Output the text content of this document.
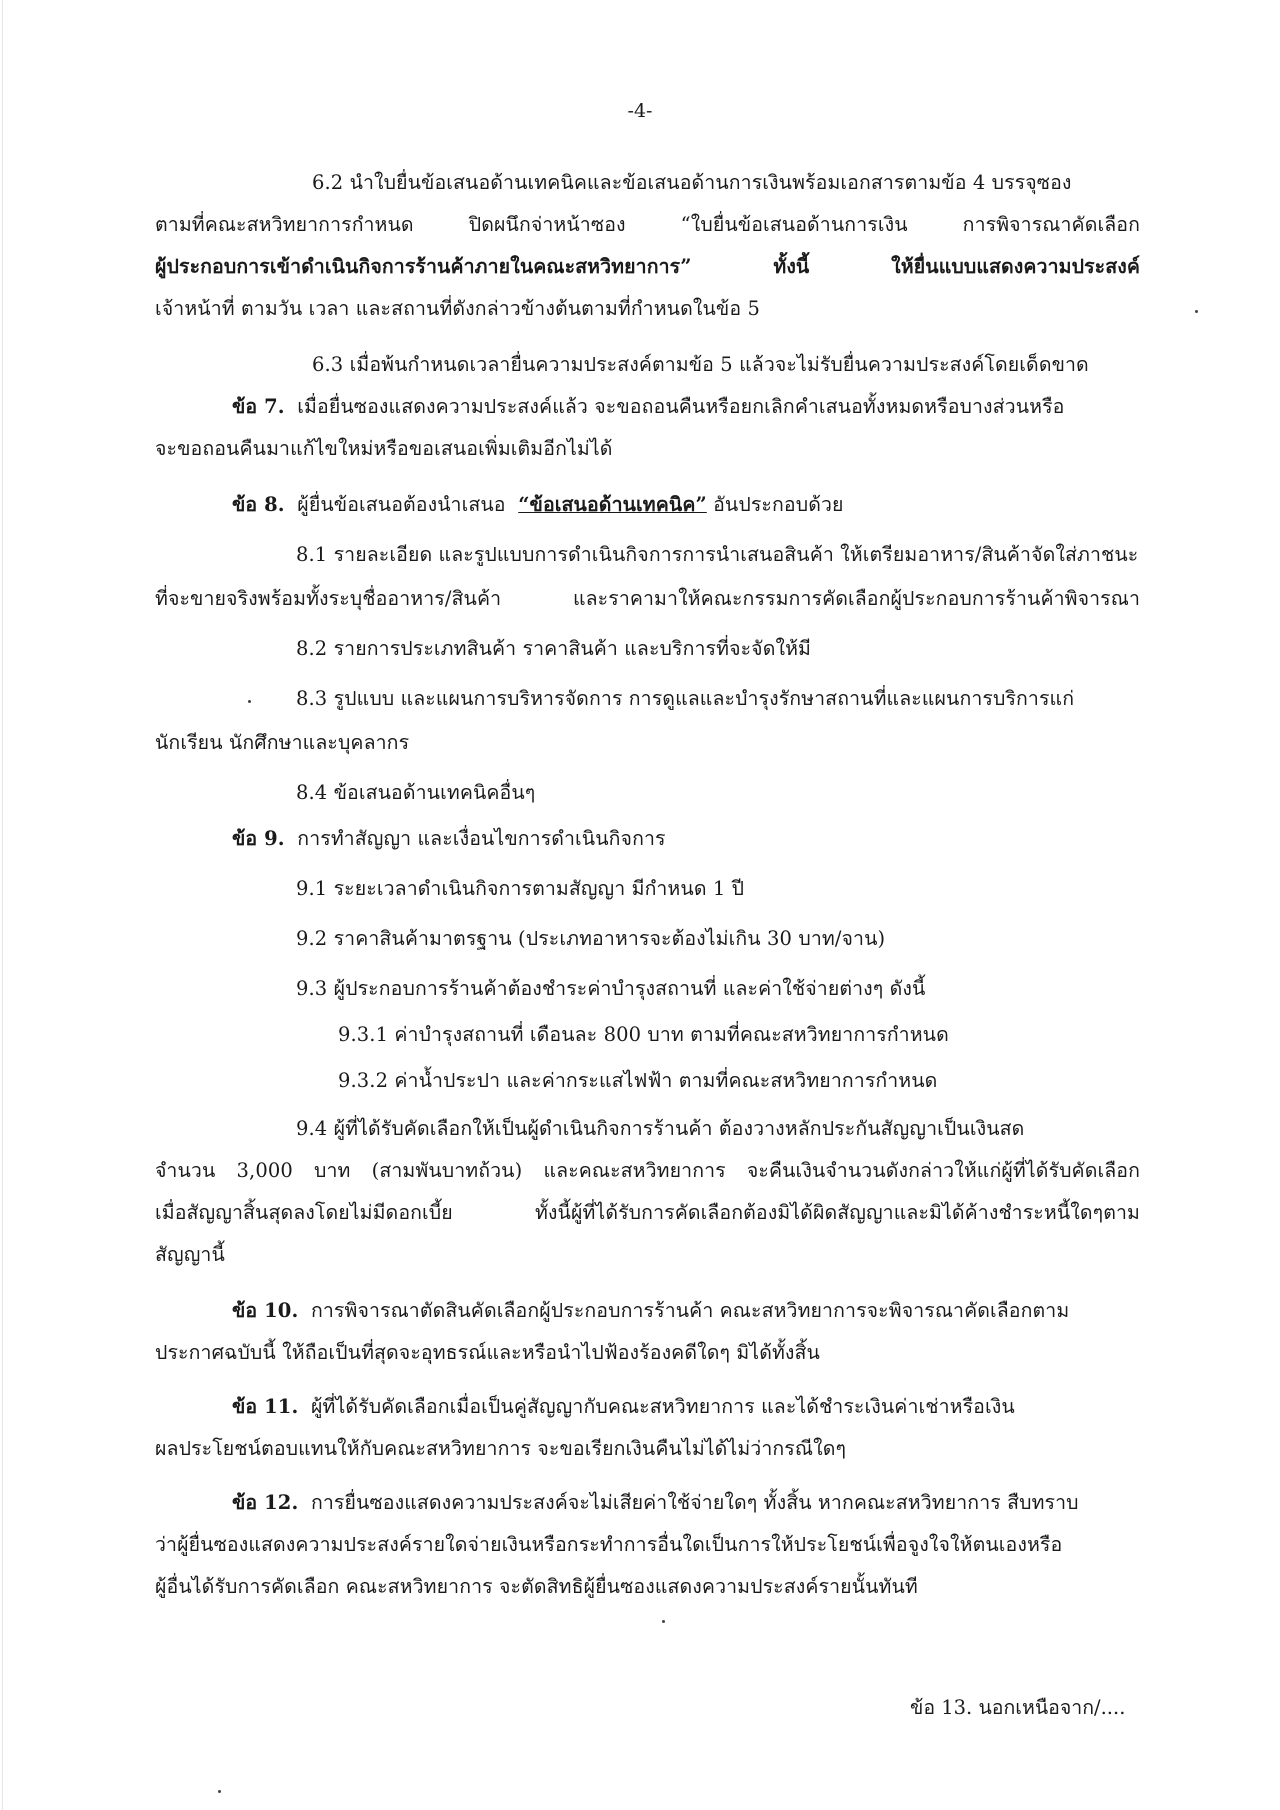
-4-
6.2 นำใบยื่นข้อเสนอด้านเทคนิคและข้อเสนอด้านการเงินพร้อมเอกสารตามข้อ 4 บรรจุซอง
ตามที่คณะสหวิทยาการกำหนด ปิดผนึกจ่าหน้าซอง “ใบยื่นข้อเสนอด้านการเงิน การพิจารณาคัดเลือก
ผู้ประกอบการเข้าดำเนินกิจการร้านค้าภายในคณะสหวิทยาการ” ทั้งนี้ ให้ยื่นแบบแสดงความประสงค์
เจ้าหน้าที่ ตามวัน เวลา และสถานที่ดังกล่าวข้างต้นตามที่กำหนดในข้อ 5
6.3 เมื่อพ้นกำหนดเวลายื่นความประสงค์ตามข้อ 5 แล้วจะไม่รับยื่นความประสงค์โดยเด็ดขาด
ข้อ 7. เมื่อยื่นซองแสดงความประสงค์แล้ว จะขอถอนคืนหรือยกเลิกคำเสนอทั้งหมดหรือบางส่วนหรือ
จะขอถอนคืนมาแก้ไขใหม่หรือขอเสนอเพิ่มเติมอีกไม่ได้
ข้อ 8. ผู้ยื่นข้อเสนอต้องนำเสนอ “ข้อเสนอด้านเทคนิค” อันประกอบด้วย
8.1 รายละเอียด และรูปแบบการดำเนินกิจการการนำเสนอสินค้า ให้เตรียมอาหาร/สินค้าจัดใส่ภาชนะ
ที่จะขายจริงพร้อมทั้งระบุชื่ออาหาร/สินค้า และราคามาให้คณะกรรมการคัดเลือกผู้ประกอบการร้านค้าพิจารณา
8.2 รายการประเภทสินค้า ราคาสินค้า และบริการที่จะจัดให้มี
8.3 รูปแบบ และแผนการบริหารจัดการ การดูแลและบำรุงรักษาสถานที่และแผนการบริการแก่
นักเรียน นักศึกษาและบุคลากร
8.4 ข้อเสนอด้านเทคนิคอื่นๆ
ข้อ 9. การทำสัญญา และเงื่อนไขการดำเนินกิจการ
9.1 ระยะเวลาดำเนินกิจการตามสัญญา มีกำหนด 1 ปี
9.2 ราคาสินค้ามาตรฐาน (ประเภทอาหารจะต้องไม่เกิน 30 บาท/จาน)
9.3 ผู้ประกอบการร้านค้าต้องชำระค่าบำรุงสถานที่ และค่าใช้จ่ายต่างๆ ดังนี้
9.3.1 ค่าบำรุงสถานที่ เดือนละ 800 บาท ตามที่คณะสหวิทยาการกำหนด
9.3.2 ค่าน้ำประปา และค่ากระแสไฟฟ้า ตามที่คณะสหวิทยาการกำหนด
9.4 ผู้ที่ได้รับคัดเลือกให้เป็นผู้ดำเนินกิจการร้านค้า ต้องวางหลักประกันสัญญาเป็นเงินสด
จำนวน 3,000 บาท (สามพันบาทถ้วน) และคณะสหวิทยาการ จะคืนเงินจำนวนดังกล่าวให้แก่ผู้ที่ได้รับคัดเลือก
เมื่อสัญญาสิ้นสุดลงโดยไม่มีดอกเบี้ย ทั้งนี้ผู้ที่ได้รับการคัดเลือกต้องมิได้ผิดสัญญาและมิได้ค้างชำระหนี้ใดๆตาม
สัญญานี้
ข้อ 10. การพิจารณาตัดสินคัดเลือกผู้ประกอบการร้านค้า คณะสหวิทยาการจะพิจารณาคัดเลือกตาม
ประกาศฉบับนี้ ให้ถือเป็นที่สุดจะอุทธรณ์และหรือนำไปฟ้องร้องคดีใดๆ มิได้ทั้งสิ้น
ข้อ 11. ผู้ที่ได้รับคัดเลือกเมื่อเป็นคู่สัญญากับคณะสหวิทยาการ และได้ชำระเงินค่าเช่าหรือเงิน
ผลประโยชน์ตอบแทนให้กับคณะสหวิทยาการ จะขอเรียกเงินคืนไม่ได้ไม่ว่ากรณีใดๆ
ข้อ 12. การยื่นซองแสดงความประสงค์จะไม่เสียค่าใช้จ่ายใดๆ ทั้งสิ้น หากคณะสหวิทยาการ สืบทราบ
ว่าผู้ยื่นซองแสดงความประสงค์รายใดจ่ายเงินหรือกระทำการอื่นใดเป็นการให้ประโยชน์เพื่อจูงใจให้ตนเองหรือ
ผู้อื่นได้รับการคัดเลือก คณะสหวิทยาการ จะตัดสิทธิผู้ยื่นซองแสดงความประสงค์รายนั้นทันที
ข้อ 13. นอกเหนือจาก/....
